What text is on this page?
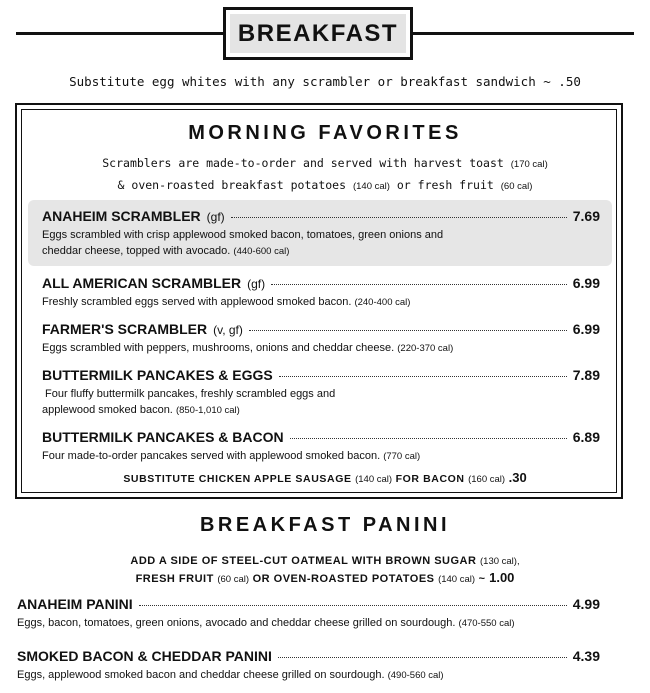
BREAKFAST
Substitute egg whites with any scrambler or breakfast sandwich ~ .50
MORNING FAVORITES
Scramblers are made-to-order and served with harvest toast (170 cal)
& oven-roasted breakfast potatoes (140 cal) or fresh fruit (60 cal)
ANAHEIM SCRAMBLER (gf)	7.69
Eggs scrambled with crisp applewood smoked bacon, tomatoes, green onions and
cheddar cheese, topped with avocado. (440-600 cal)
ALL AMERICAN SCRAMBLER (gf)	6.99
Freshly scrambled eggs served with applewood smoked bacon. (240-400 cal)
FARMER'S SCRAMBLER (v, gf)	6.99
Eggs scrambled with peppers, mushrooms, onions and cheddar cheese. (220-370 cal)
BUTTERMILK PANCAKES & EGGS	7.89
Four fluffy buttermilk pancakes, freshly scrambled eggs and
applewood smoked bacon. (850-1,010 cal)
BUTTERMILK PANCAKES & BACON	6.89
Four made-to-order pancakes served with applewood smoked bacon. (770 cal)
SUBSTITUTE CHICKEN APPLE SAUSAGE (140 cal) FOR BACON (160 cal) .30
BREAKFAST PANINI
ADD A SIDE OF STEEL-CUT OATMEAL WITH BROWN SUGAR (130 cal),
FRESH FRUIT (60 cal) OR OVEN-ROASTED POTATOES (140 cal) ~ 1.00
ANAHEIM PANINI	4.99
Eggs, bacon, tomatoes, green onions, avocado and cheddar cheese grilled on sourdough. (470-550 cal)
SMOKED BACON & CHEDDAR PANINI	4.39
Eggs, applewood smoked bacon and cheddar cheese grilled on sourdough. (490-560 cal)
